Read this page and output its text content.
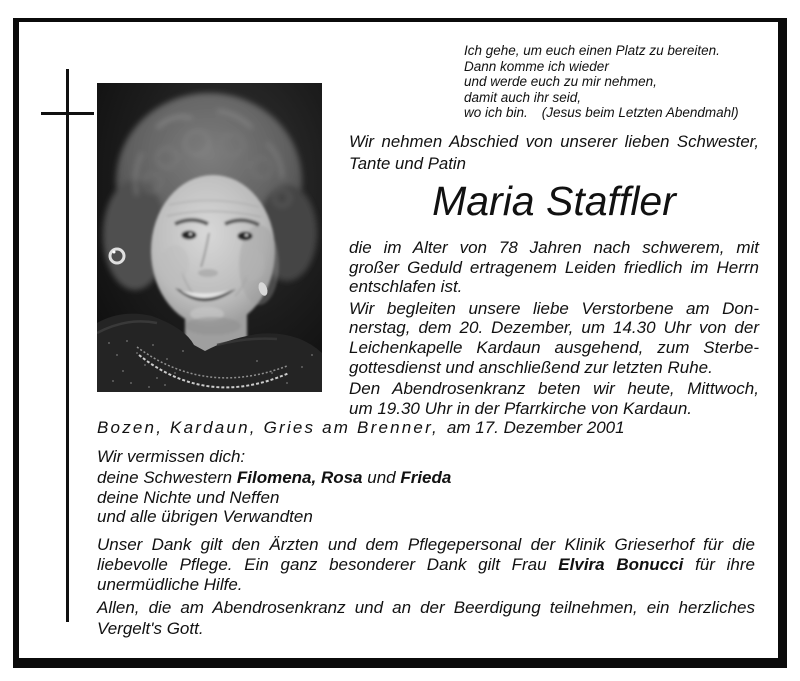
Ich gehe, um euch einen Platz zu bereiten.
Dann komme ich wieder
und werde euch zu mir nehmen,
damit auch ihr seid,
wo ich bin. (Jesus beim Letzten Abendmahl)
Wir nehmen Abschied von unserer lieben Schwester,
Tante und Patin
Maria Staffler
die im Alter von 78 Jahren nach schwerem, mit
großer Geduld ertragenem Leiden friedlich im Herrn
entschlafen ist.
Wir begleiten unsere liebe Verstorbene am Don-
nerstag, dem 20. Dezember, um 14.30 Uhr von der
Leichenkapelle Kardaun ausgehend, zum Sterbe-
gottesdienst und anschließend zur letzten Ruhe.
Den Abendrosenkranz beten wir heute, Mittwoch,
um 19.30 Uhr in der Pfarrkirche von Kardaun.
Bozen, Kardaun, Gries am Brenner, am 17. Dezember 2001
Wir vermissen dich:
deine Schwestern Filomena, Rosa und Frieda
deine Nichte und Neffen
und alle übrigen Verwandten
Unser Dank gilt den Ärzten und dem Pflegepersonal der Klinik Grieserhof für die
liebevolle Pflege. Ein ganz besonderer Dank gilt Frau Elvira Bonucci für ihre
unermüdliche Hilfe.
Allen, die am Abendrosenkranz und an der Beerdigung teilnehmen, ein herzliches
Vergelt's Gott.
